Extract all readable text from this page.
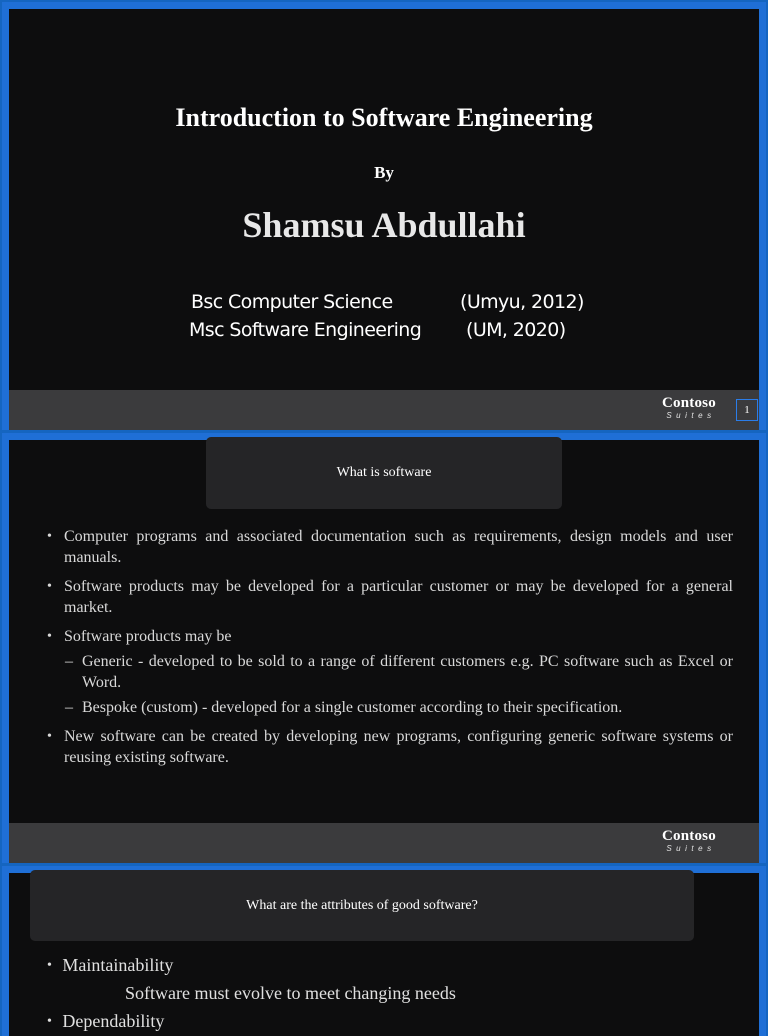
Introduction to Software Engineering
By
Shamsu Abdullahi
Bsc Computer Science	(Umyu, 2012)
Msc Software Engineering (UM, 2020)
Contoso
Suites	1
What is software
• Computer programs and associated documentation such as requirements, design models and user manuals.
• Software products may be developed for a particular customer or may be developed for a general market.
• Software products may be
– Generic - developed to be sold to a range of different customers e.g. PC software such as Excel or Word.
– Bespoke (custom) - developed for a single customer according to their specification.
• New software can be created by developing new programs, configuring generic software systems or reusing existing software.
Contoso
Suites
What are the attributes of good software?
• Maintainability
Software must evolve to meet changing needs
• Dependability
